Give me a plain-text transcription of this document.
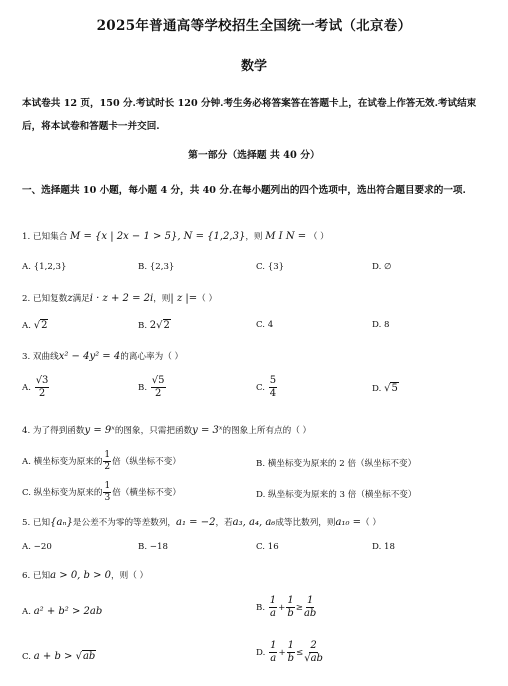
2025年普通高等学校招生全国统一考试（北京卷）
数学
本试卷共 12 页，150 分.考试时长 120 分钟.考生务必将答案答在答题卡上，在试卷上作答无效.考试结束后，将本试卷和答题卡一并交回.
第一部分（选择题 共 40 分）
一、选择题共 10 小题，每小题 4 分，共 40 分.在每小题列出的四个选项中，选出符合题目要求的一项.
1. 已知集合 M = {x | 2x − 1 > 5}, N = {1,2,3}，则 M I N = （ ）
A. {1,2,3}	B. {2,3}	C. {3}	D. ∅
2. 已知复数z满足i · z + 2 = 2i，则| z |=（ ）
A. √2	B. 2√2	C. 4	D. 8
3. 双曲线x² − 4y² = 4的离心率为（ ）
A. $\frac{√3}{2}$	B. $\frac{√5}{2}$	C. $\frac{5}{4}$	D. √5
4. 为了得到函数y = 9ˣ的图象，只需把函数y = 3ˣ的图象上所有点的（ ）
A. 横坐标变为原来的 $\frac{1}{2}$ 倍（纵坐标不变）	B. 横坐标变为原来的 2 倍（纵坐标不变）
C. 纵坐标变为原来的 $\frac{1}{3}$ 倍（横坐标不变）	D. 纵坐标变为原来的 3 倍（横坐标不变）
5. 已知{aₙ}是公差不为零的等差数列，a₁ = −2，若a₃, a₄, a₆成等比数列，则a₁₀ =（ ）
A. −20	B. −18	C. 16	D. 18
6. 已知a > 0, b > 0，则（ ）
A. a² + b² > 2ab	B. $\frac{1}{a} + \frac{1}{b} \ge \frac{1}{ab}$
C. a + b > √ab	D. $\frac{1}{a} + \frac{1}{b} \le \frac{2}{√ab}$
